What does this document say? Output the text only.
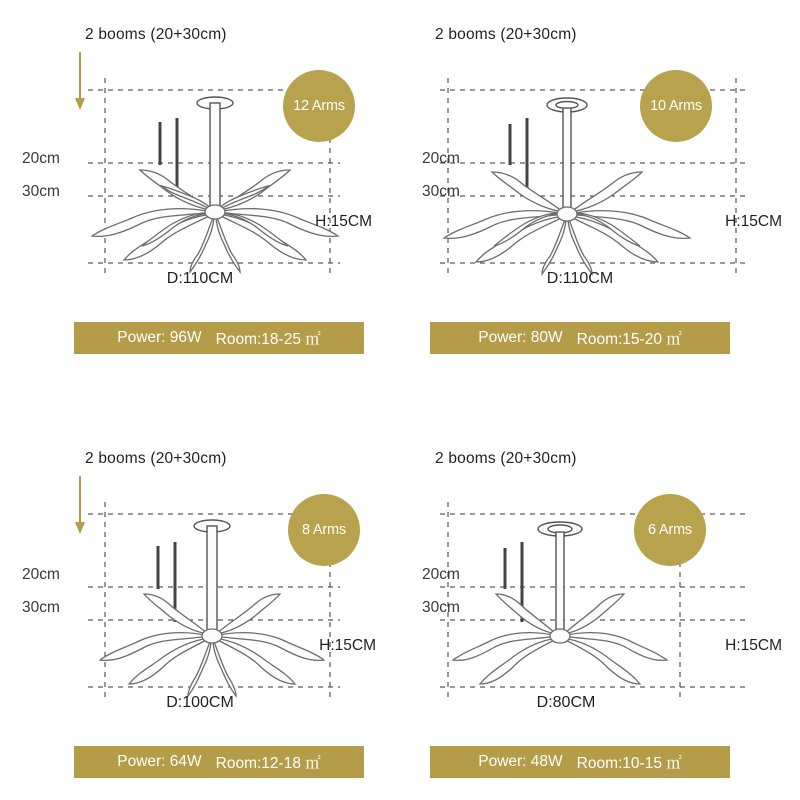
2 booms (20+30cm)
20cm
30cm
12 Arms
H:15CM
D:110CM
Power: 96W Room:18-25 ㎡
2 booms (20+30cm)
20cm
30cm
10 Arms
H:15CM
D:110CM
Power: 80W Room:15-20 ㎡
2 booms (20+30cm)
20cm
30cm
8 Arms
H:15CM
D:100CM
Power: 64W Room:12-18 ㎡
2 booms (20+30cm)
20cm
30cm
6 Arms
H:15CM
D:80CM
Power: 48W Room:10-15 ㎡
